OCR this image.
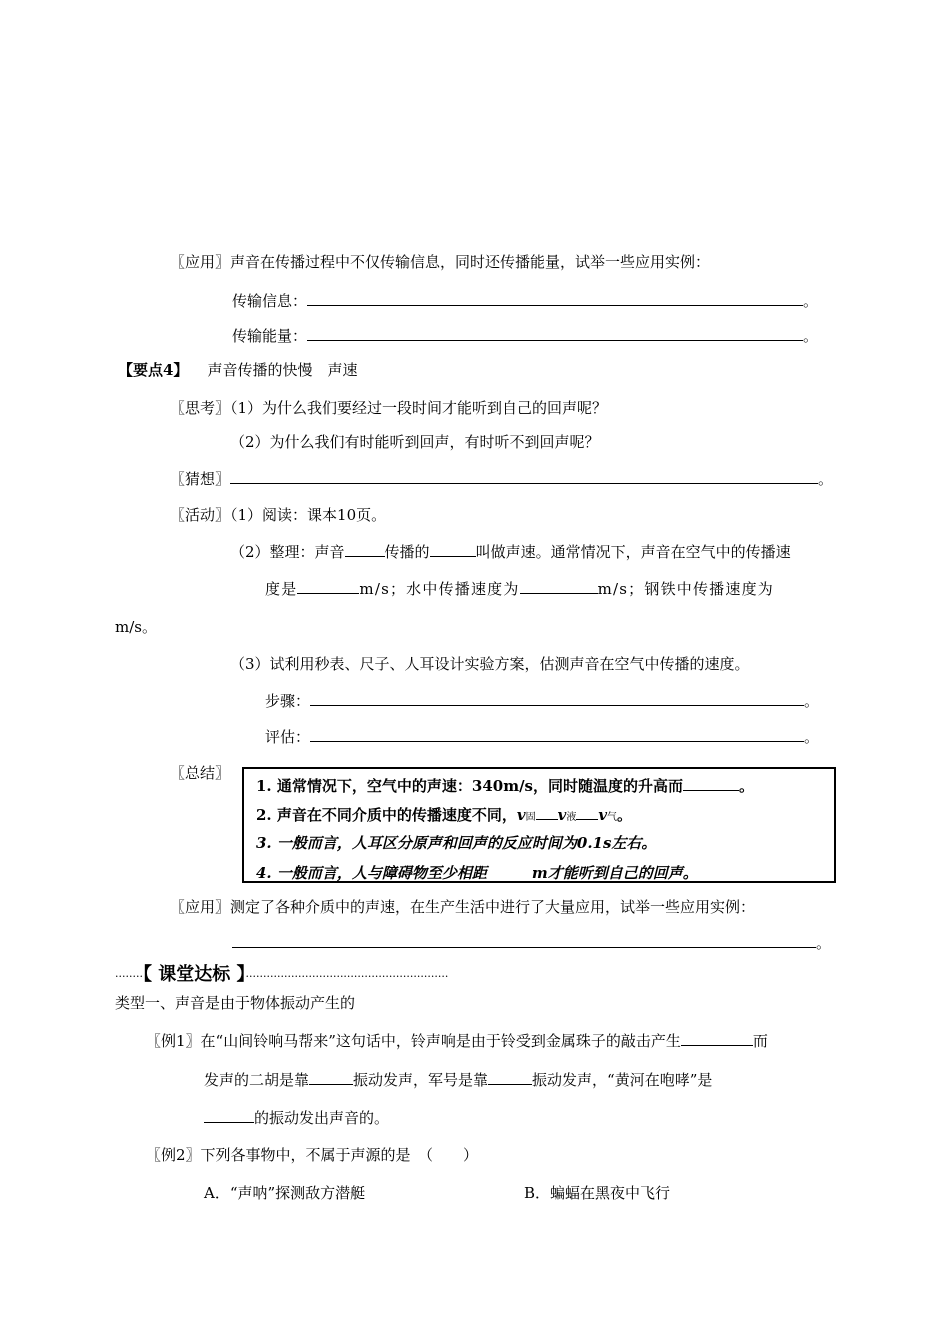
〖应用〗声音在传播过程中不仅传输信息，同时还传播能量，试举一些应用实例：
传输信息：	。
传输能量：	。
【要点4】 声音传播的快慢　声速
〖思考〗（1）为什么我们要经过一段时间才能听到自己的回声呢？
（2）为什么我们有时能听到回声，有时听不到回声呢？
〖猜想〗	。
〖活动〗（1）阅读：课本10页。
（2）整理：声音	传播的	叫做声速。通常情况下，声音在空气中的传播速
度是	m/s；水中传播速度为	m/s；钢铁中传播速度为
m/s。
（3）试利用秒表、尺子、人耳设计实验方案，估测声音在空气中传播的速度。
步骤：	。
评估：	。
〖总结〗
1. 通常情况下，空气中的声速：340m/s，同时随温度的升高而	。
2. 声音在不同介质中的传播速度不同，v固 v液 v气。
3. 一般而言，人耳区分原声和回声的反应时间为0.1s左右。
4. 一般而言，人与障碍物至少相距　　　m才能听到自己的回声。
〖应用〗测定了各种介质中的声速，在生产生活中进行了大量应用，试举一些应用实例：
。
········【 课堂达标 】··························································
类型一、声音是由于物体振动产生的
〖例1〗在“山间铃响马帮来”这句话中，铃声响是由于铃受到金属珠子的敲击产生	而
发声的二胡是靠	振动发声，军号是靠	振动发声，“黄河在咆哮”是
的振动发出声音的。
〖例2〗下列各事物中，不属于声源的是　（　　）
A．“声呐”探测敌方潜艇	B．蝙蝠在黑夜中飞行
